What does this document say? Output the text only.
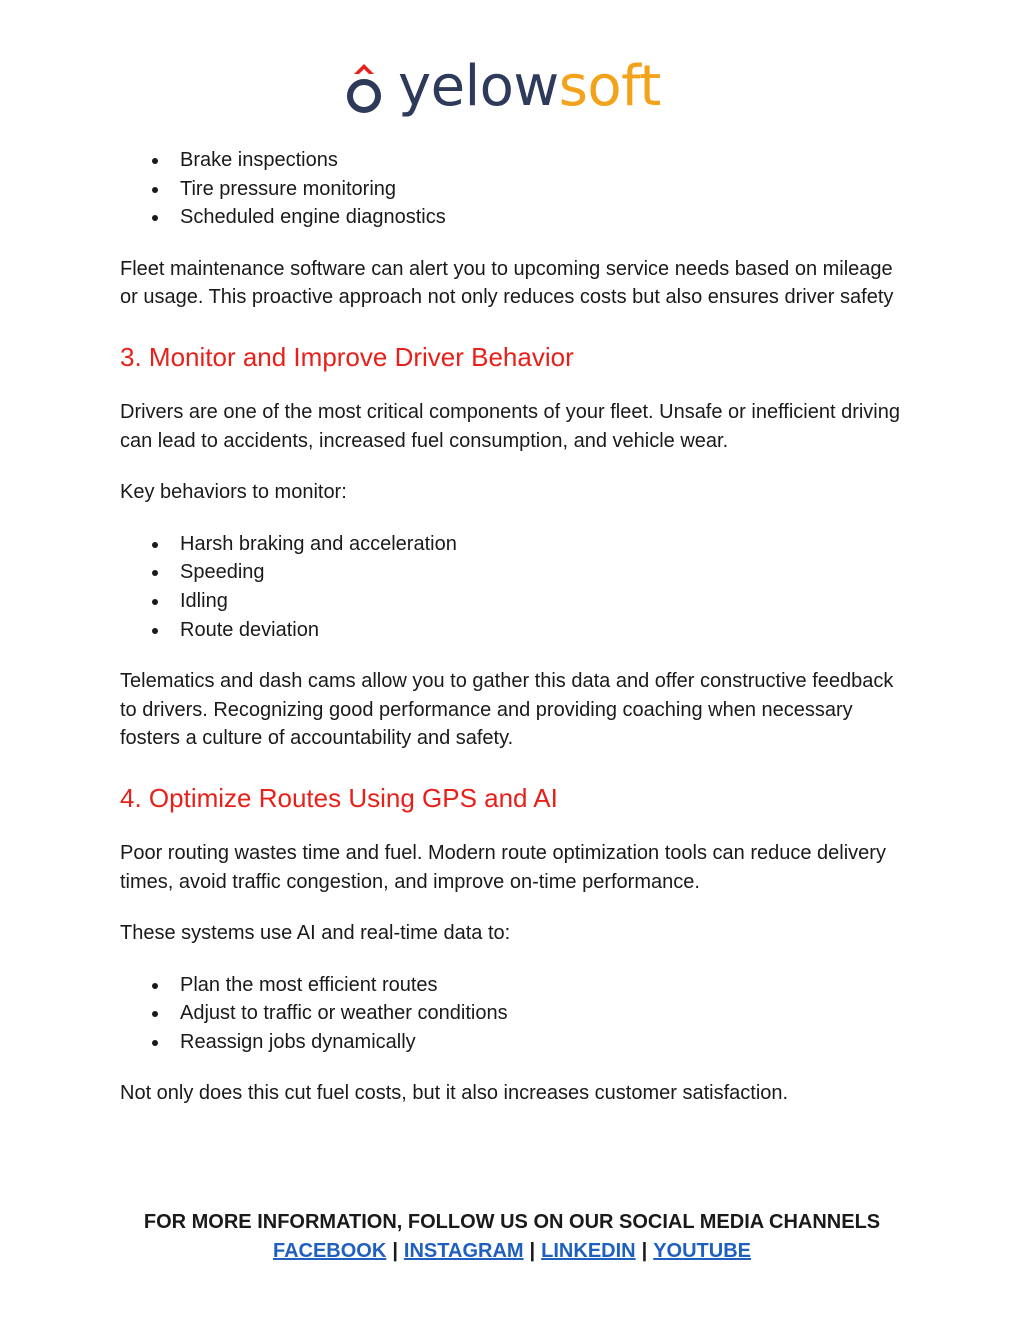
yelowsoft
Brake inspections
Tire pressure monitoring
Scheduled engine diagnostics

Fleet maintenance software can alert you to upcoming service needs based on mileage or usage. This proactive approach not only reduces costs but also ensures driver safety

3. Monitor and Improve Driver Behavior

Drivers are one of the most critical components of your fleet. Unsafe or inefficient driving can lead to accidents, increased fuel consumption, and vehicle wear.

Key behaviors to monitor:

Harsh braking and acceleration
Speeding
Idling
Route deviation

Telematics and dash cams allow you to gather this data and offer constructive feedback to drivers. Recognizing good performance and providing coaching when necessary fosters a culture of accountability and safety.

4. Optimize Routes Using GPS and AI

Poor routing wastes time and fuel. Modern route optimization tools can reduce delivery times, avoid traffic congestion, and improve on-time performance.

These systems use AI and real-time data to:

Plan the most efficient routes
Adjust to traffic or weather conditions
Reassign jobs dynamically

Not only does this cut fuel costs, but it also increases customer satisfaction.

FOR MORE INFORMATION, FOLLOW US ON OUR SOCIAL MEDIA CHANNELS
FACEBOOK | INSTAGRAM | LINKEDIN | YOUTUBE
